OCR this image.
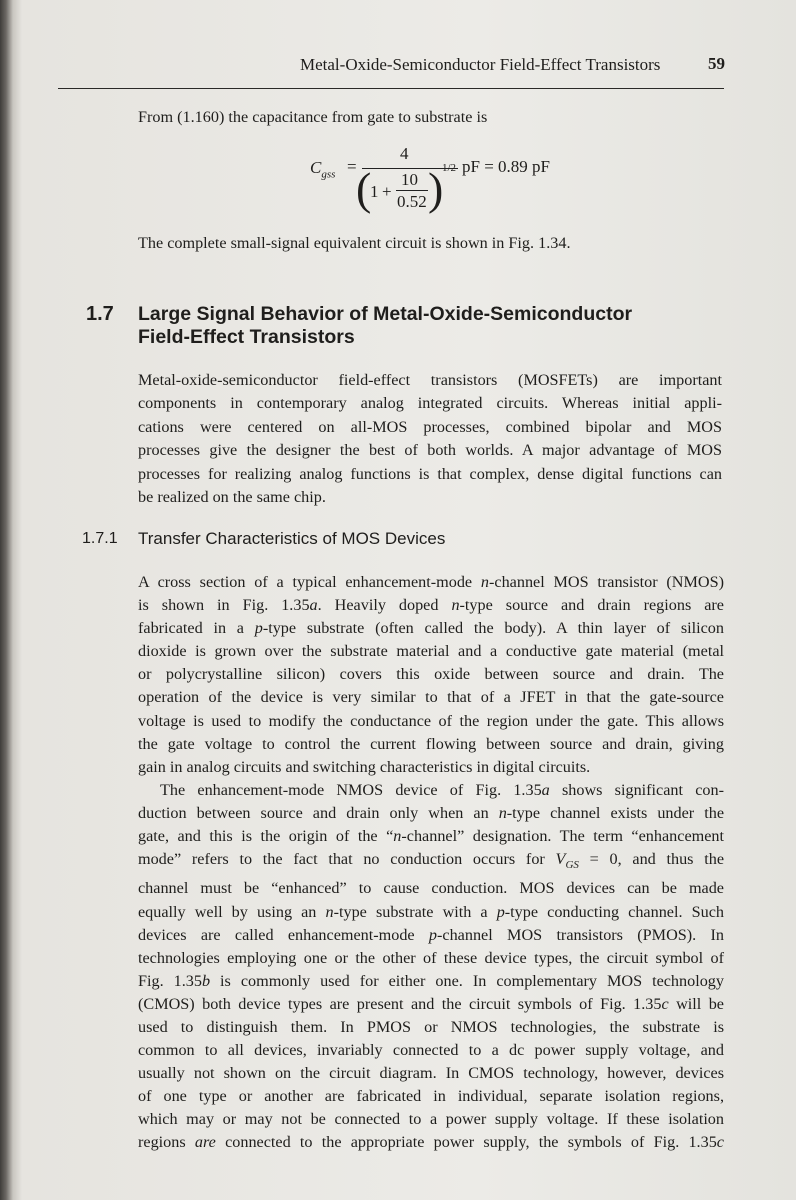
Metal-Oxide-Semiconductor Field-Effect Transistors	59
From (1.160) the capacitance from gate to substrate is
$C_{gss}$ =
4
(
1 +
10
0.52 )
1/2 pF = 0.89 pF
The complete small-signal equivalent circuit is shown in Fig. 1.34.
1.7 Large Signal Behavior of Metal-Oxide-Semiconductor
Field-Effect Transistors
Metal-oxide-semiconductor field-effect transistors (MOSFETs) are important
components in contemporary analog integrated circuits. Whereas initial appli-
cations were centered on all-MOS processes, combined bipolar and MOS
processes give the designer the best of both worlds. A major advantage of MOS
processes for realizing analog functions is that complex, dense digital functions can
be realized on the same chip.
1.7.1 Transfer Characteristics of MOS Devices
A cross section of a typical enhancement-mode n-channel MOS transistor (NMOS)
is shown in Fig. 1.35a. Heavily doped n-type source and drain regions are
fabricated in a p-type substrate (often called the body). A thin layer of silicon
dioxide is grown over the substrate material and a conductive gate material (metal
or polycrystalline silicon) covers this oxide between source and drain. The
operation of the device is very similar to that of a JFET in that the gate-source
voltage is used to modify the conductance of the region under the gate. This allows
the gate voltage to control the current flowing between source and drain, giving
gain in analog circuits and switching characteristics in digital circuits.
The enhancement-mode NMOS device of Fig. 1.35a shows significant con-
duction between source and drain only when an n-type channel exists under the
gate, and this is the origin of the “n-channel” designation. The term “enhancement
mode” refers to the fact that no conduction occurs for $V_{GS} = 0$, and thus the
channel must be “enhanced” to cause conduction. MOS devices can be made
equally well by using an n-type substrate with a p-type conducting channel. Such
devices are called enhancement-mode p-channel MOS transistors (PMOS). In
technologies employing one or the other of these device types, the circuit symbol of
Fig. 1.35b is commonly used for either one. In complementary MOS technology
(CMOS) both device types are present and the circuit symbols of Fig. 1.35c will be
used to distinguish them. In PMOS or NMOS technologies, the substrate is
common to all devices, invariably connected to a dc power supply voltage, and
usually not shown on the circuit diagram. In CMOS technology, however, devices
of one type or another are fabricated in individual, separate isolation regions,
which may or may not be connected to a power supply voltage. If these isolation
regions are connected to the appropriate power supply, the symbols of Fig. 1.35c
